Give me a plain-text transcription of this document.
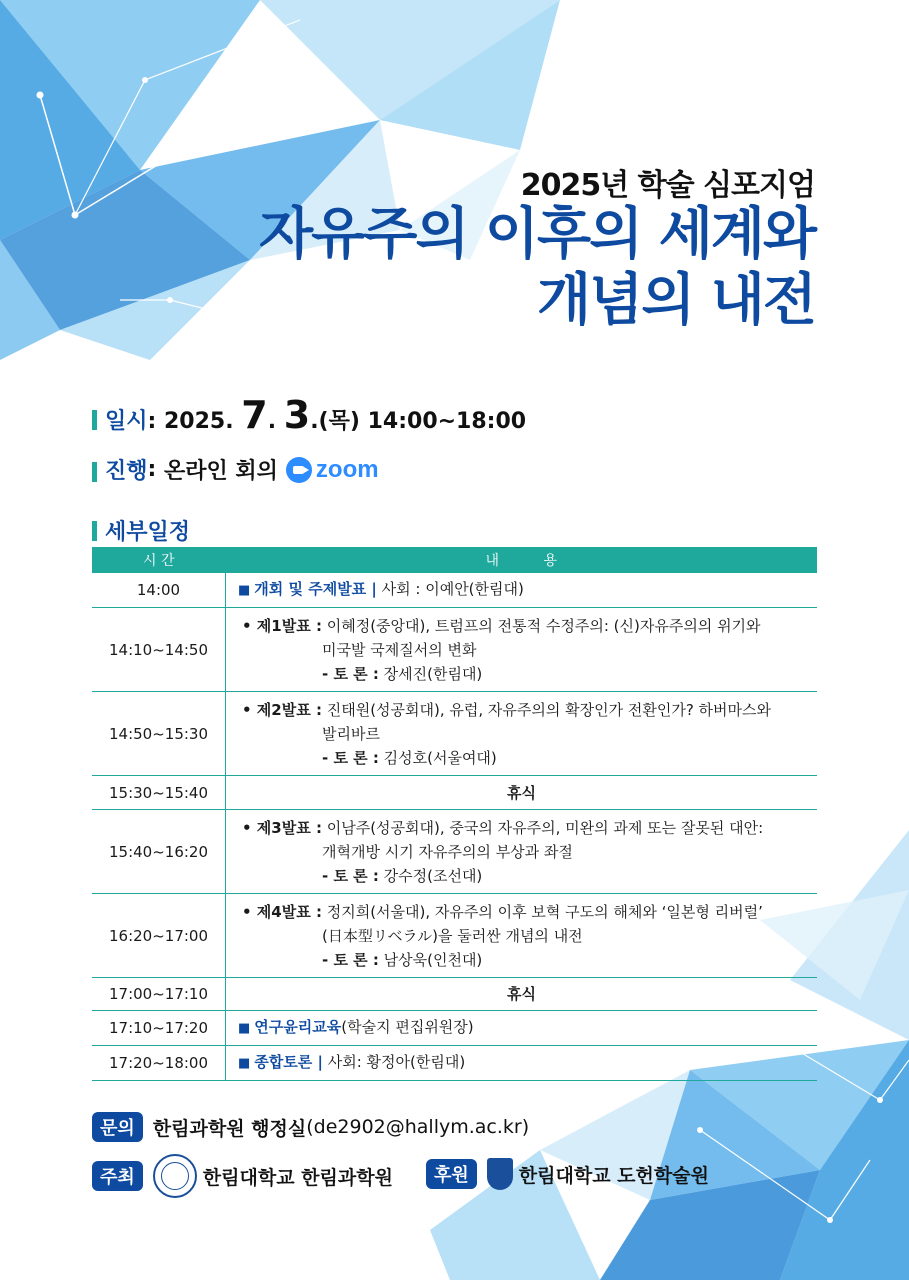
2025년 학술 심포지엄
자유주의 이후의 세계와
개념의 내전
일시 : 2025.
7 . 3 .(목)
14:00~18:00
진행 : 온라인 회의 zoom
세부일정
시 간	내          용
14:00	■ 개회 및 주제발표 | 사회 : 이예안(한림대)
14:10~14:50	• 제1발표 : 이혜정(중앙대), 트럼프의 전통적 수정주의: (신)자유주의의 위기와
미국발 국제질서의 변화
- 토 론 : 장세진(한림대)

14:50~15:30	• 제2발표 : 진태원(성공회대), 유럽, 자유주의의 확장인가 전환인가? 하버마스와
발리바르
- 토 론 : 김성호(서울여대)

15:30~15:40	휴식
15:40~16:20	• 제3발표 : 이남주(성공회대), 중국의 자유주의, 미완의 과제 또는 잘못된 대안:
개혁개방 시기 자유주의의 부상과 좌절
- 토 론 : 강수정(조선대)

16:20~17:00	• 제4발표 : 정지희(서울대), 자유주의 이후 보혁 구도의 해체와 ‘일본형 리버럴’
(日本型リベラル)을 둘러싼 개념의 내전
- 토 론 : 남상욱(인천대)

17:00~17:10	휴식
17:10~17:20	■ 연구윤리교육(학술지 편집위원장)
17:20~18:00	■ 종합토론 | 사회: 황정아(한림대)
문의 한림과학원 행정실 (de2902@hallym.ac.kr)
주최	한림대학교 한림과학원	후원	한림대학교 도헌학술원
